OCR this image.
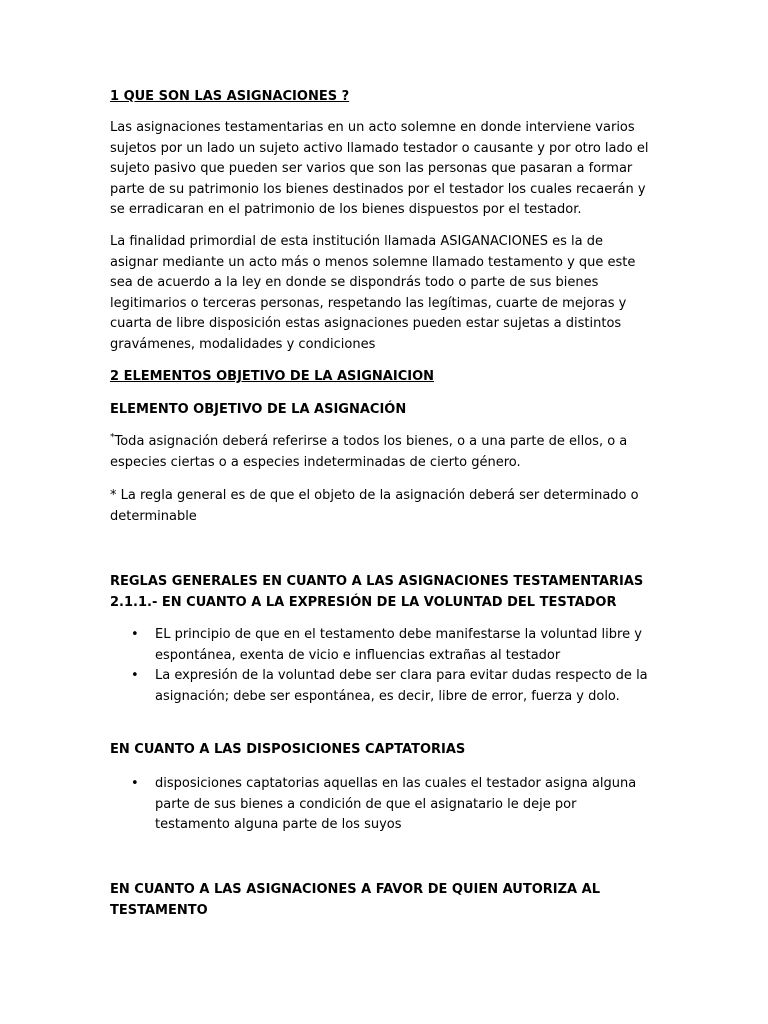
1 QUE SON LAS ASIGNACIONES ?

Las asignaciones testamentarias en un acto solemne en donde interviene varios sujetos por un lado un sujeto activo llamado testador o causante y por otro lado el sujeto pasivo que pueden ser varios que son las personas que pasaran a formar parte de su patrimonio los bienes destinados por el testador los cuales recaerán y se erradicaran en el patrimonio de los bienes dispuestos por el testador.

La finalidad primordial de esta institución llamada ASIGANACIONES es la de asignar mediante un acto más o menos solemne llamado testamento y que este sea de acuerdo a la ley en donde se dispondrás todo o parte de sus bienes legitimarios o terceras personas, respetando las legítimas, cuarte de mejoras y cuarta de libre disposición estas asignaciones pueden estar sujetas a distintos gravámenes, modalidades y condiciones

2 ELEMENTOS OBJETIVO DE LA ASIGNAICION

ELEMENTO OBJETIVO DE LA ASIGNACIÓN

*Toda asignación deberá referirse a todos los bienes, o a una parte de ellos, o a especies ciertas o a especies indeterminadas de cierto género.

* La regla general es de que el objeto de la asignación deberá ser determinado o determinable

REGLAS GENERALES EN CUANTO A LAS ASIGNACIONES TESTAMENTARIAS 2.1.1.- EN CUANTO A LA EXPRESIÓN DE LA VOLUNTAD DEL TESTADOR

• EL principio de que en el testamento debe manifestarse la voluntad libre y espontánea, exenta de vicio e influencias extrañas al testador
• La expresión de la voluntad debe ser clara para evitar dudas respecto de la asignación; debe ser espontánea, es decir, libre de error, fuerza y dolo.

EN CUANTO A LAS DISPOSICIONES CAPTATORIAS

• disposiciones captatorias aquellas en las cuales el testador asigna alguna parte de sus bienes a condición de que el asignatario le deje por testamento alguna parte de los suyos

EN CUANTO A LAS ASIGNACIONES A FAVOR DE QUIEN AUTORIZA AL TESTAMENTO
